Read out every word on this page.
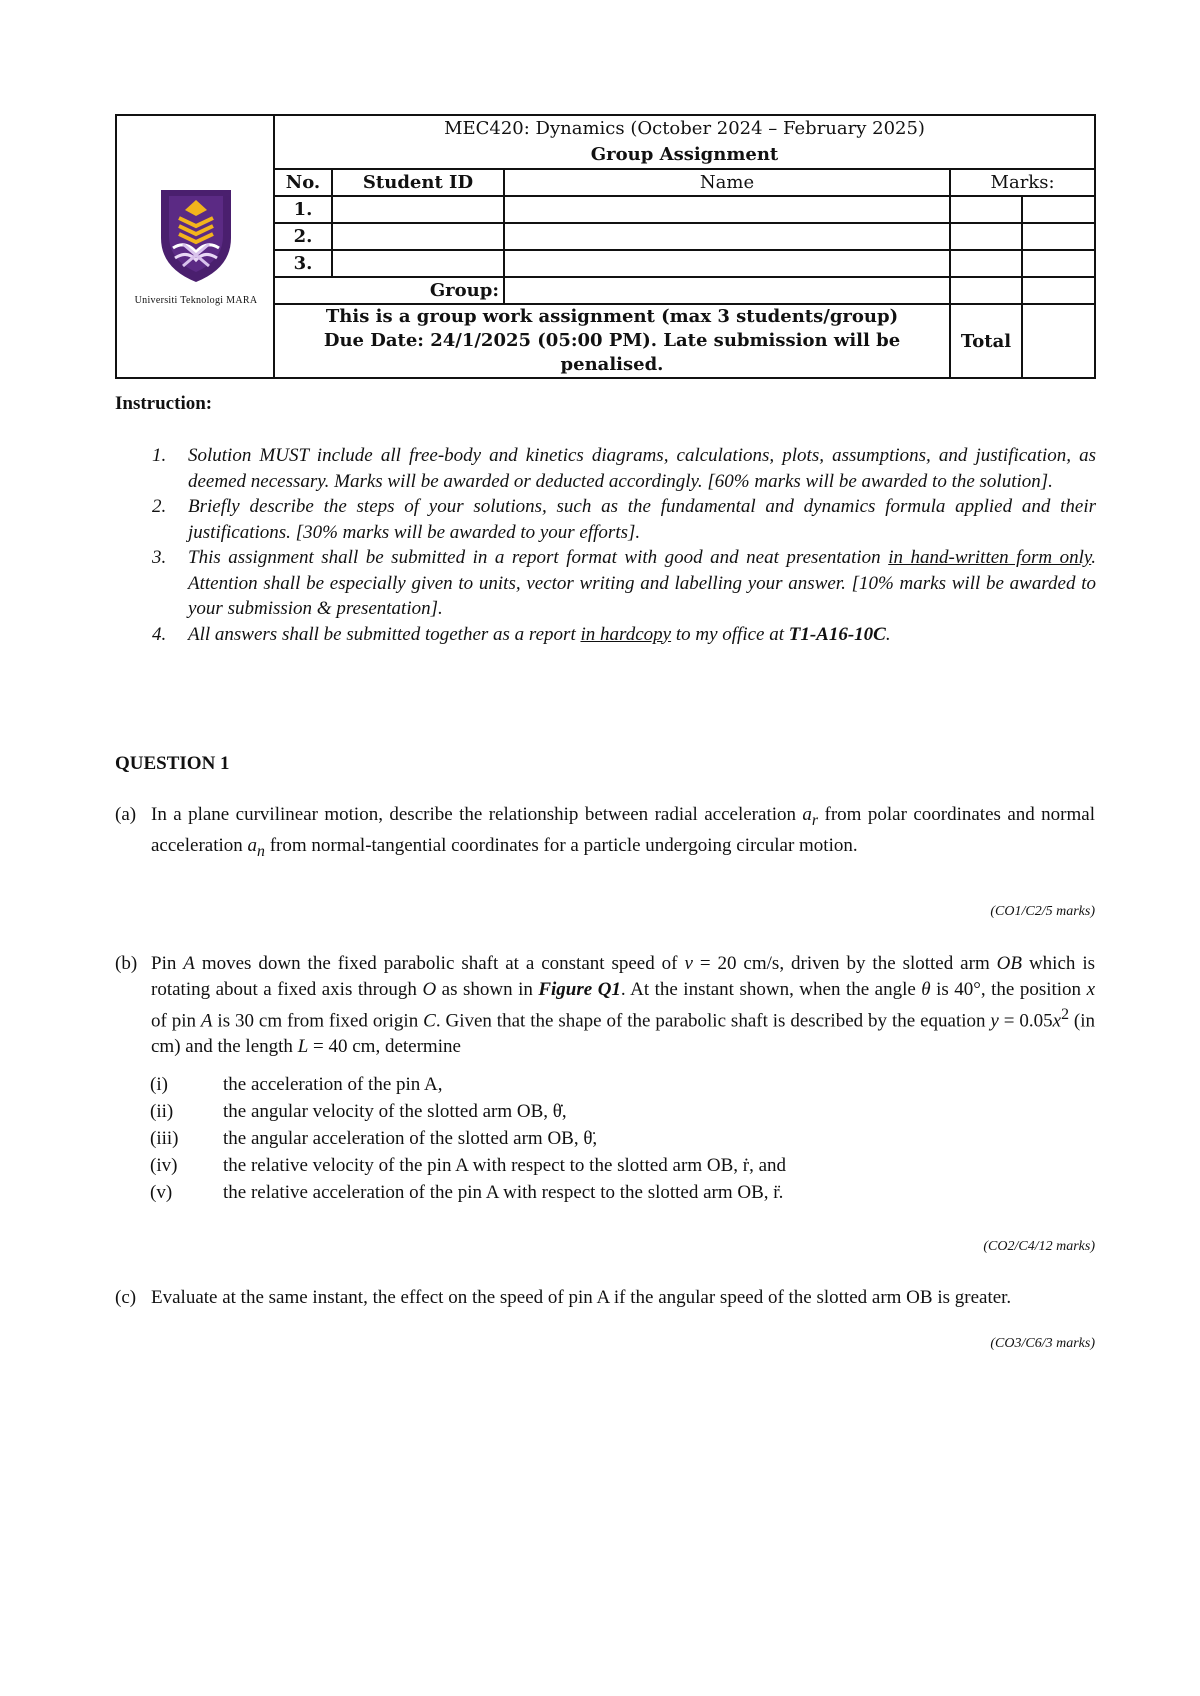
Universiti Teknologi MARA	MEC420: Dynamics (October 2024 – February 2025)
Group Assignment				

	No.	Student ID	Name	Marks:	
	1.				
	2.				
	3.				
	Group:				

	This is a group work assignment (max 3 students/group)
Due Date: 24/1/2025 (05:00 PM). Late submission will be penalised.			Total	
Instruction:
1. Solution MUST include all free-body and kinetics diagrams, calculations, plots, assumptions, and justification, as deemed necessary. Marks will be awarded or deducted accordingly. [60% marks will be awarded to the solution].
2. Briefly describe the steps of your solutions, such as the fundamental and dynamics formula applied and their justifications. [30% marks will be awarded to your efforts].
3. This assignment shall be submitted in a report format with good and neat presentation in hand-written form only. Attention shall be especially given to units, vector writing and labelling your answer. [10% marks will be awarded to your submission & presentation].
4. All answers shall be submitted together as a report in hardcopy to my office at T1-A16-10C.
QUESTION 1
(a) In a plane curvilinear motion, describe the relationship between radial acceleration $a_r$ from polar coordinates and normal acceleration $a_n$ from normal-tangential coordinates for a particle undergoing circular motion.
(CO1/C2/5 marks)
(b) Pin A moves down the fixed parabolic shaft at a constant speed of v = 20 cm/s, driven by the slotted arm OB which is rotating about a fixed axis through O as shown in Figure Q1. At the instant shown, when the angle θ is 40°, the position x of pin A is 30 cm from fixed origin C. Given that the shape of the parabolic shaft is described by the equation $y = 0.05x^2$ (in cm) and the length L = 40 cm, determine
(i)	the acceleration of the pin A,
(ii)	the angular velocity of the slotted arm OB, θ̇,
(iii) the angular acceleration of the slotted arm OB, θ̈,
(iv) the relative velocity of the pin A with respect to the slotted arm OB, ṙ, and
(v)	the relative acceleration of the pin A with respect to the slotted arm OB, r̈.
(CO2/C4/12 marks)
(c) Evaluate at the same instant, the effect on the speed of pin A if the angular speed of the slotted arm OB is greater.
(CO3/C6/3 marks)
